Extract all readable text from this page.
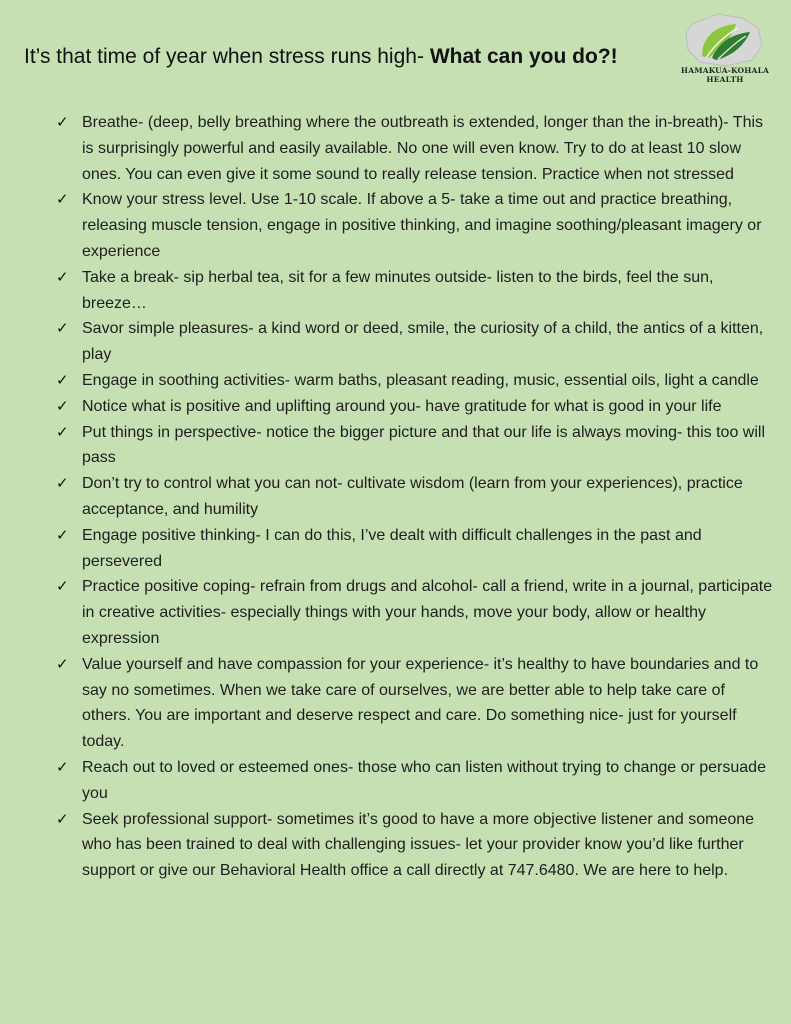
It’s that time of year when stress runs high- What can you do?!
HAMAKUA-KOHALA
HEALTH
✓ Breathe- (deep, belly breathing where the outbreath is extended, longer than the in-breath)- This is surprisingly powerful and easily available. No one will even know. Try to do at least 10 slow ones. You can even give it some sound to really release tension. Practice when not stressed
✓ Know your stress level. Use 1-10 scale. If above a 5- take a time out and practice breathing, releasing muscle tension, engage in positive thinking, and imagine soothing/pleasant imagery or experience
✓ Take a break- sip herbal tea, sit for a few minutes outside- listen to the birds, feel the sun, breeze…
✓ Savor simple pleasures- a kind word or deed, smile, the curiosity of a child, the antics of a kitten, play
✓ Engage in soothing activities- warm baths, pleasant reading, music, essential oils, light a candle
✓ Notice what is positive and uplifting around you- have gratitude for what is good in your life
✓ Put things in perspective- notice the bigger picture and that our life is always moving- this too will pass
✓ Don’t try to control what you can not- cultivate wisdom (learn from your experiences), practice acceptance, and humility
✓ Engage positive thinking- I can do this, I’ve dealt with difficult challenges in the past and persevered
✓ Practice positive coping- refrain from drugs and alcohol- call a friend, write in a journal, participate in creative activities- especially things with your hands, move your body, allow or healthy expression
✓ Value yourself and have compassion for your experience- it’s healthy to have boundaries and to say no sometimes. When we take care of ourselves, we are better able to help take care of others. You are important and deserve respect and care. Do something nice- just for yourself today.
✓ Reach out to loved or esteemed ones- those who can listen without trying to change or persuade you
✓ Seek professional support- sometimes it’s good to have a more objective listener and someone who has been trained to deal with challenging issues- let your provider know you’d like further support or give our Behavioral Health office a call directly at 747.6480. We are here to help.
